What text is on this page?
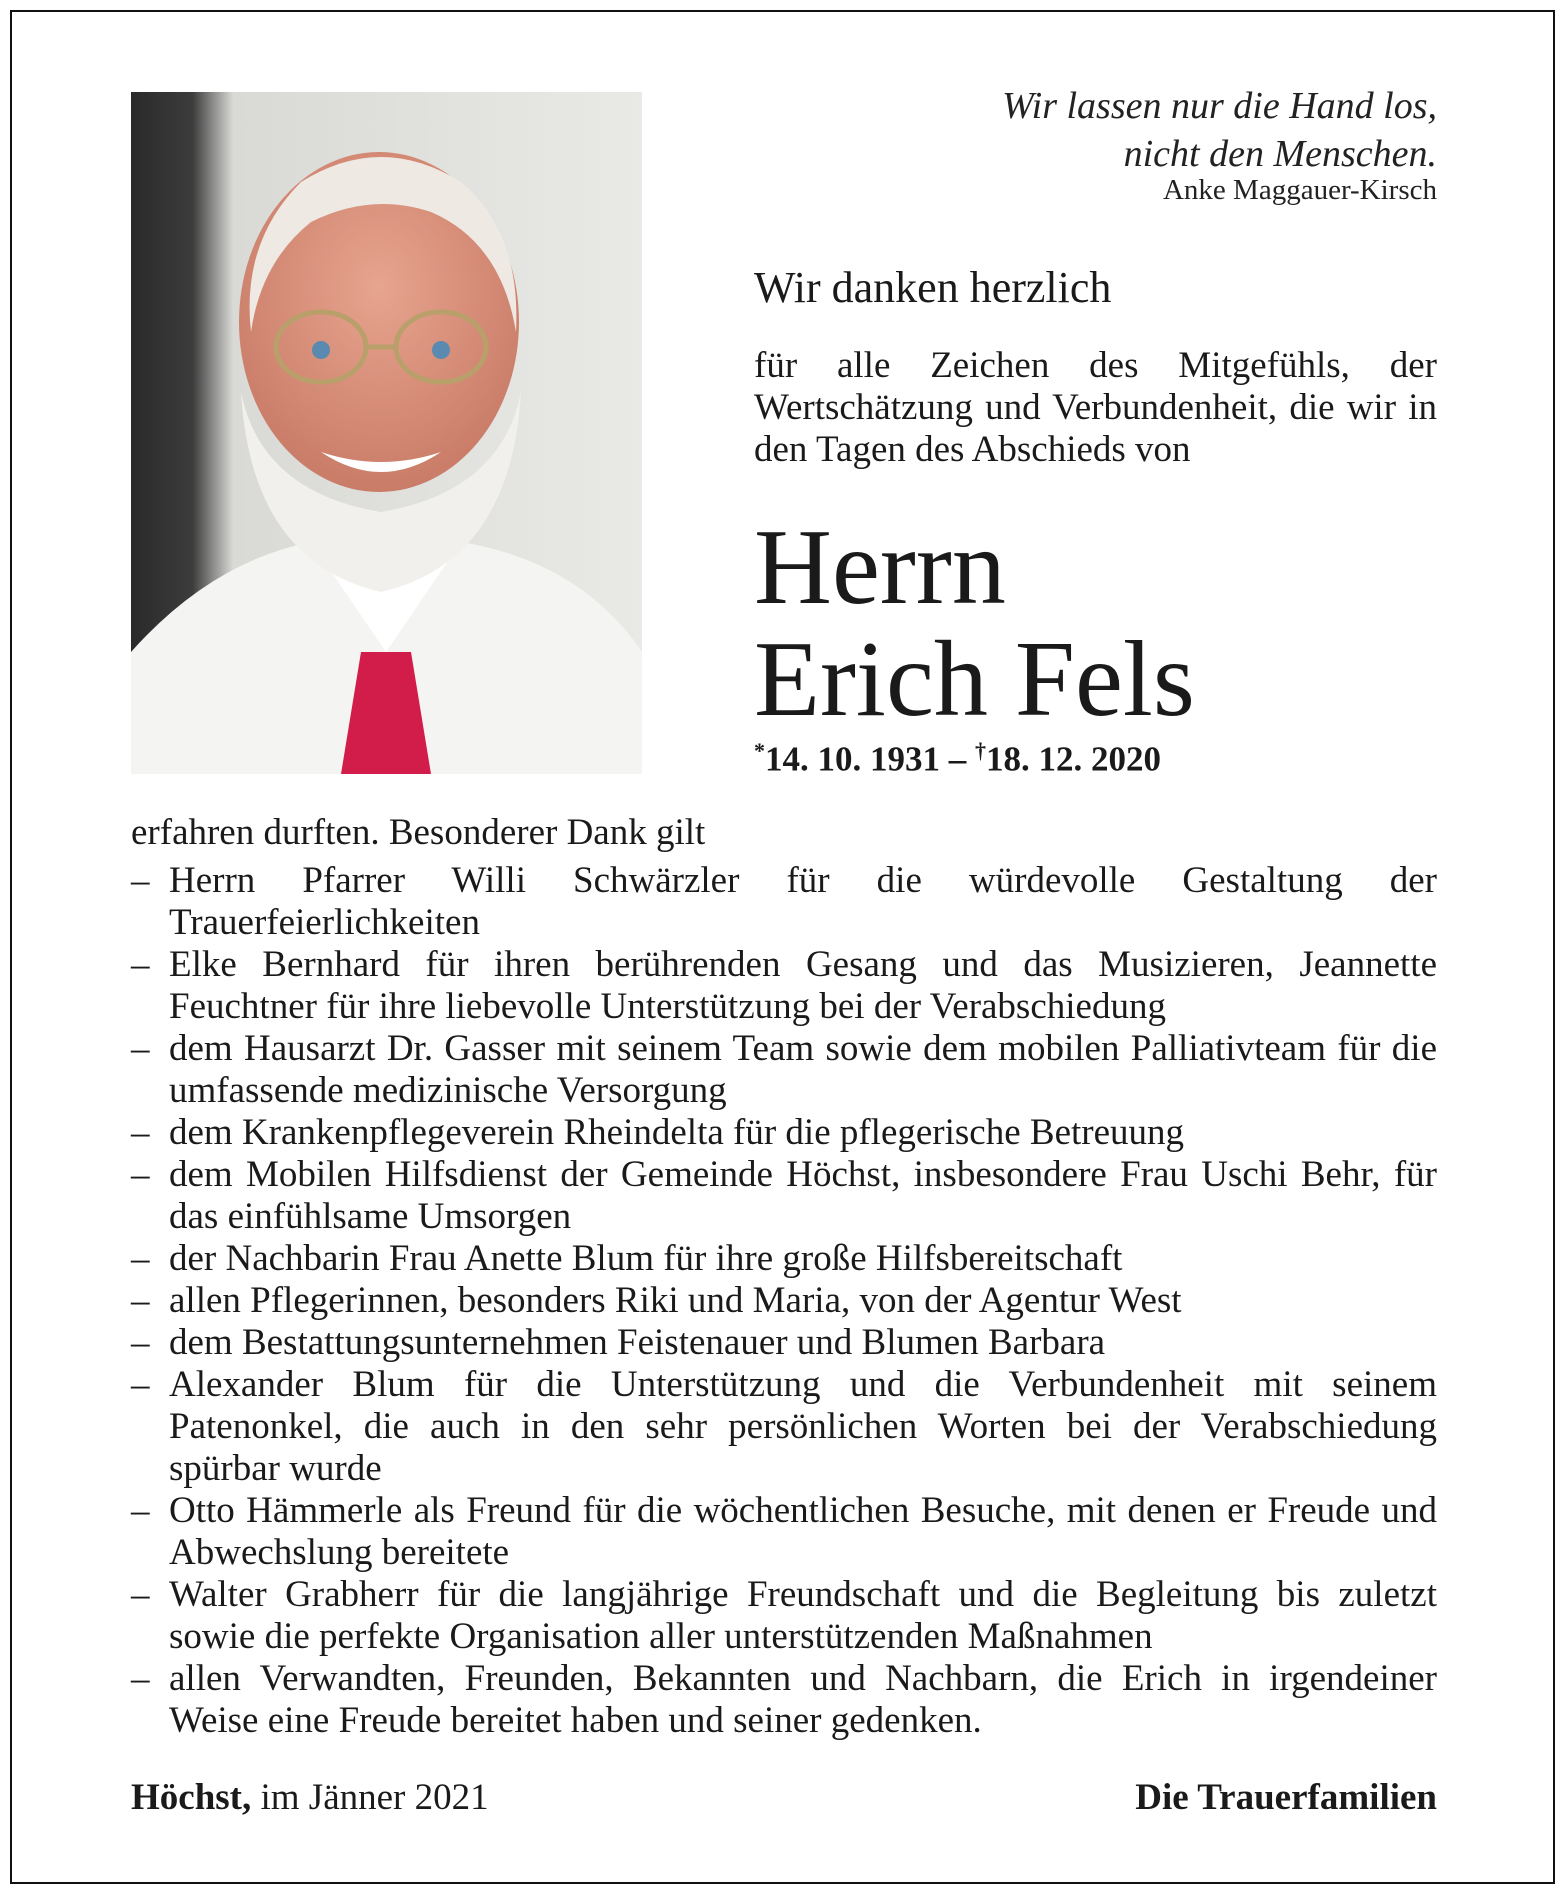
Wir lassen nur die Hand los,
nicht den Menschen.
Anke Maggauer-Kirsch
Wir danken herzlich
für alle Zeichen des Mitgefühls, der Wertschätzung und Verbundenheit, die wir in den Tagen des Abschieds von
Herrn
Erich Fels
*14. 10. 1931 – †18. 12. 2020

erfahren durften. Besonderer Dank gilt

– Herrn Pfarrer Willi Schwärzler für die würdevolle Gestaltung der Trauerfeierlichkeiten
– Elke Bernhard für ihren berührenden Gesang und das Musizieren, Jeannette Feuchtner für ihre liebevolle Unterstützung bei der Verabschiedung
– dem Hausarzt Dr. Gasser mit seinem Team sowie dem mobilen Palliativteam für die umfassende medizinische Versorgung
– dem Krankenpflegeverein Rheindelta für die pflegerische Betreuung
– dem Mobilen Hilfsdienst der Gemeinde Höchst, insbesondere Frau Uschi Behr, für das einfühlsame Umsorgen
– der Nachbarin Frau Anette Blum für ihre große Hilfsbereitschaft
– allen Pflegerinnen, besonders Riki und Maria, von der Agentur West
– dem Bestattungsunternehmen Feistenauer und Blumen Barbara
– Alexander Blum für die Unterstützung und die Verbundenheit mit seinem Patenonkel, die auch in den sehr persönlichen Worten bei der Verabschiedung spürbar wurde
– Otto Hämmerle als Freund für die wöchentlichen Besuche, mit denen er Freude und Abwechslung bereitete
– Walter Grabherr für die langjährige Freundschaft und die Begleitung bis zuletzt sowie die perfekte Organisation aller unterstützenden Maßnahmen
– allen Verwandten, Freunden, Bekannten und Nachbarn, die Erich in irgendeiner Weise eine Freude bereitet haben und seiner gedenken.
Höchst, im Jänner 2021	Die Trauerfamilien
